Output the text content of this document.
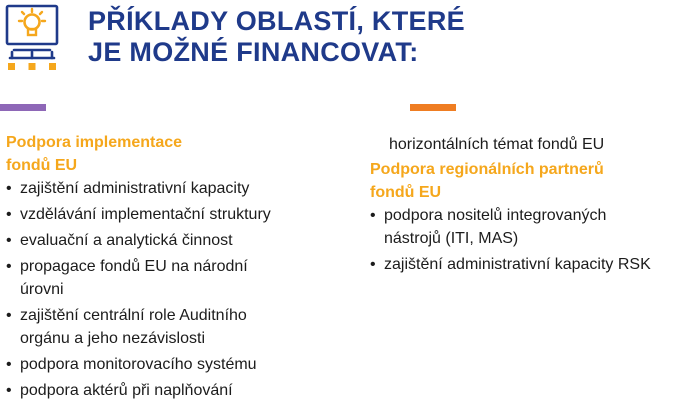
PŘÍKLADY OBLASTÍ, KTERÉ
JE MOŽNÉ FINANCOVAT:
Podpora implementace
fondů EU
• zajištění administrativní kapacity
• vzdělávání implementační struktury
• evaluační a analytická činnost
• propagace fondů EU na národní
úrovni
• zajištění centrální role Auditního
orgánu a jeho nezávislosti
• podpora monitorovacího systému
• podpora aktérů při naplňování
horizontálních témat fondů EU
Podpora regionálních partnerů
fondů EU
• podpora nositelů integrovaných
nástrojů (ITI, MAS)
• zajištění administrativní kapacity RSK
